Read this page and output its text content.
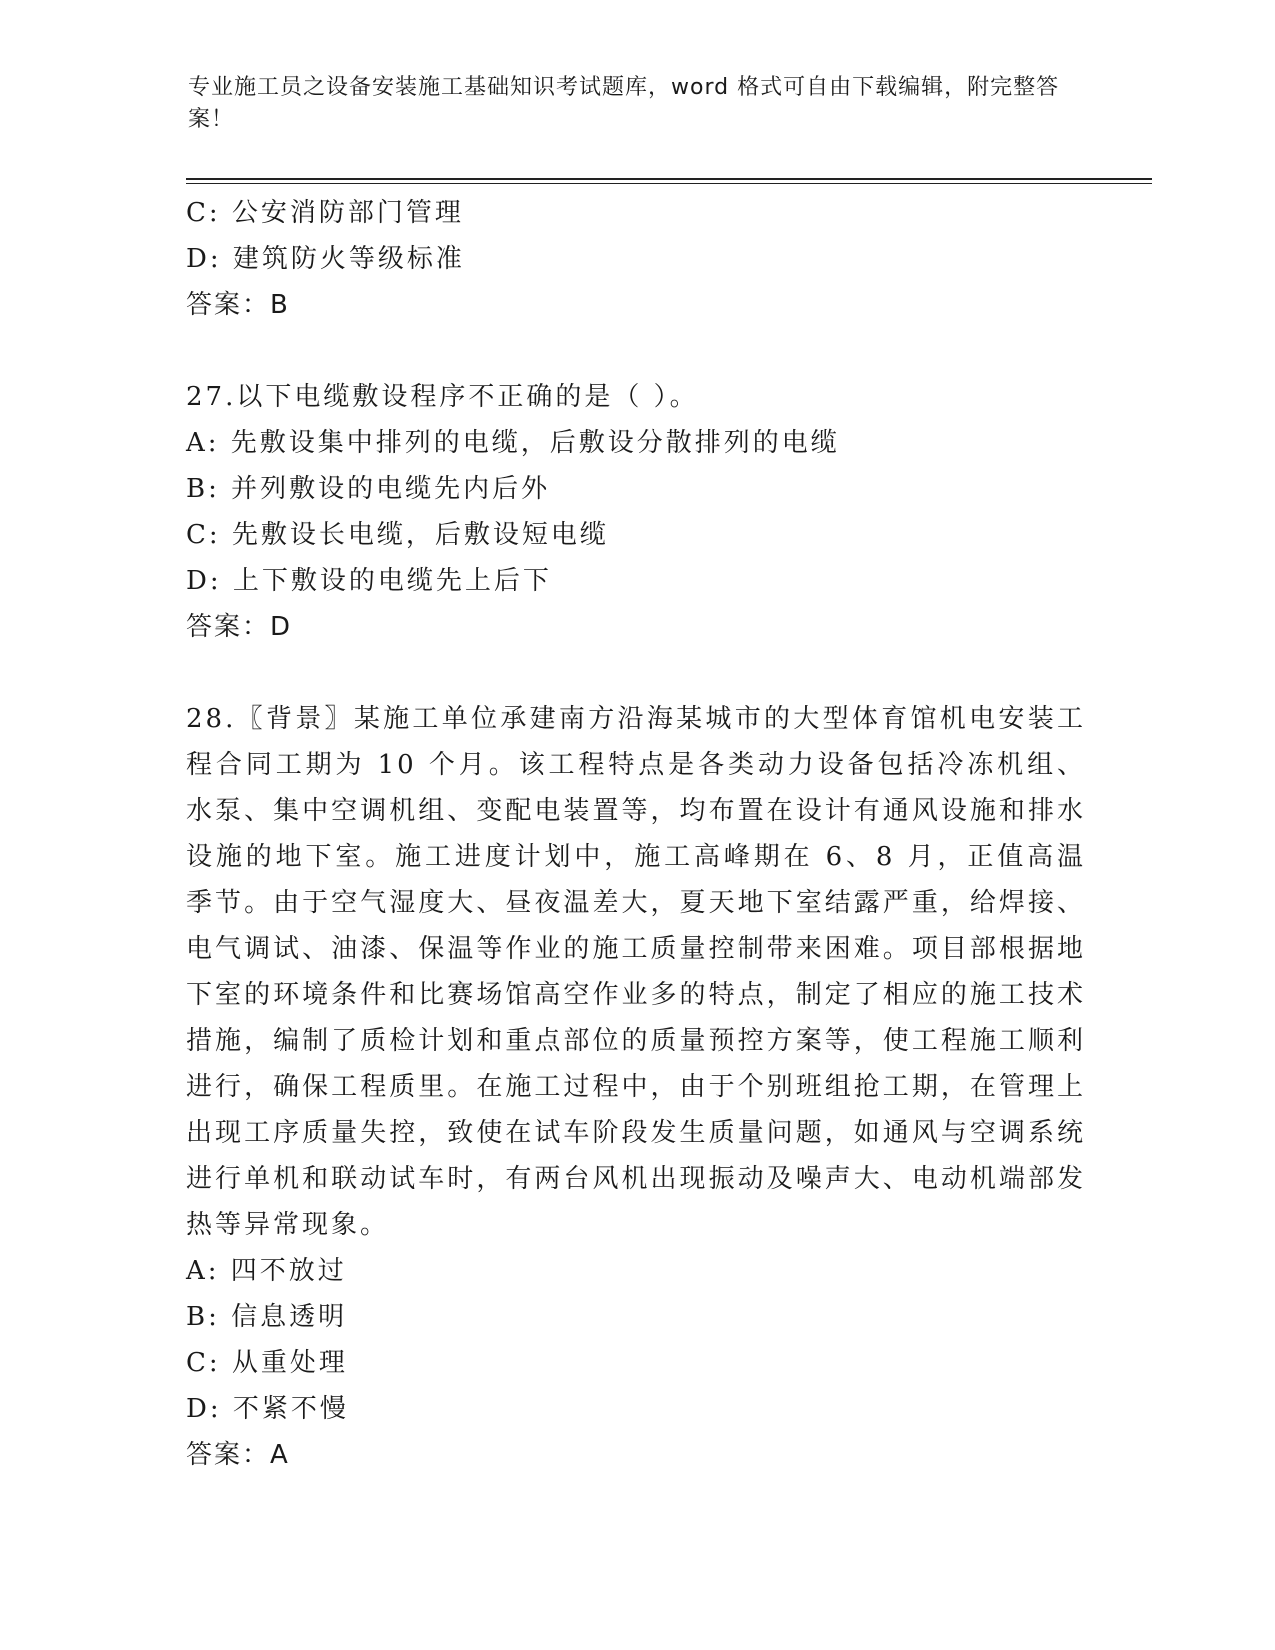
专业施工员之设备安装施工基础知识考试题库，word 格式可自由下载编辑，附完整答案！
C: 公安消防部门管理
D: 建筑防火等级标准
答案：B
27.以下电缆敷设程序不正确的是（ ）。
A: 先敷设集中排列的电缆，后敷设分散排列的电缆
B: 并列敷设的电缆先内后外
C: 先敷设长电缆，后敷设短电缆
D: 上下敷设的电缆先上后下
答案：D
28.〖背景〗某施工单位承建南方沿海某城市的大型体育馆机电安装工程合同工期为 10 个月。该工程特点是各类动力设备包括冷冻机组、水泵、集中空调机组、变配电装置等，均布置在设计有通风设施和排水设施的地下室。施工进度计划中，施工高峰期在 6、8 月，正值高温季节。由于空气湿度大、昼夜温差大，夏天地下室结露严重，给焊接、电气调试、油漆、保温等作业的施工质量控制带来困难。项目部根据地下室的环境条件和比赛场馆高空作业多的特点，制定了相应的施工技术措施，编制了质检计划和重点部位的质量预控方案等，使工程施工顺利进行，确保工程质里。在施工过程中，由于个别班组抢工期，在管理上出现工序质量失控，致使在试车阶段发生质量问题，如通风与空调系统进行单机和联动试车时，有两台风机出现振动及噪声大、电动机端部发热等异常现象。
A: 四不放过
B: 信息透明
C: 从重处理
D: 不紧不慢
答案：A
